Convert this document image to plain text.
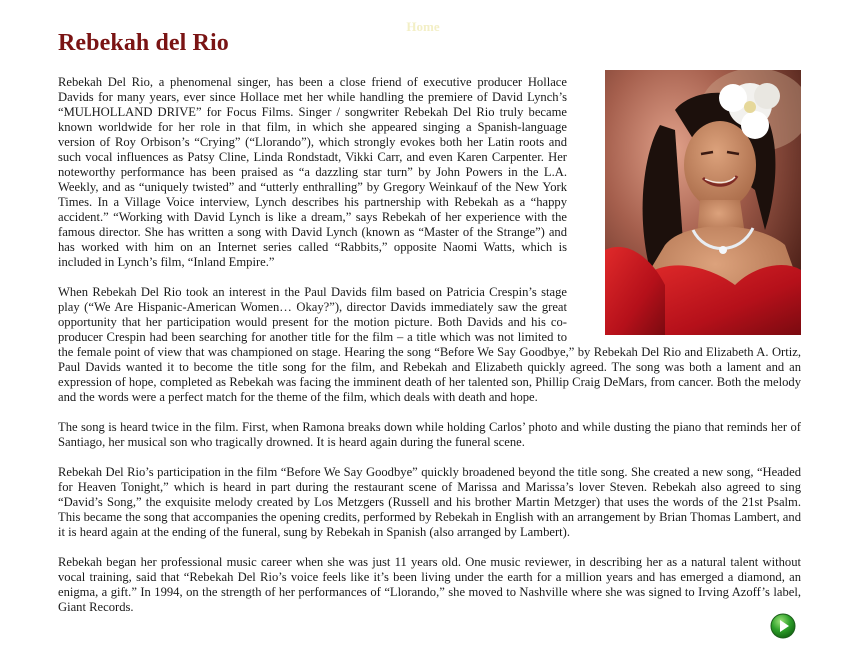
Home
Rebekah del Rio

Rebekah Del Rio, a phenomenal singer, has been a close friend of executive producer Hollace Davids for many years, ever since Hollace met her while handling the premiere of David Lynch’s “MULHOLLAND DRIVE” for Focus Films. Singer / songwriter Rebekah Del Rio truly became known worldwide for her role in that film, in which she appeared singing a Spanish-language version of Roy Orbison’s “Crying” (“Llorando”), which strongly evokes both her Latin roots and such vocal influences as Patsy Cline, Linda Rondstadt, Vikki Carr, and even Karen Carpenter. Her noteworthy performance has been praised as “a dazzling star turn” by John Powers in the L.A. Weekly, and as “uniquely twisted” and “utterly enthralling” by Gregory Weinkauf of the New York Times. In a Village Voice interview, Lynch describes his partnership with Rebekah as a “happy accident.” “Working with David Lynch is like a dream,” says Rebekah of her experience with the famous director. She has written a song with David Lynch (known as “Master of the Strange”) and has worked with him on an Internet series called “Rabbits,” opposite Naomi Watts, which is included in Lynch’s film, “Inland Empire.”

When Rebekah Del Rio took an interest in the Paul Davids film based on Patricia Crespin’s stage play (“We Are Hispanic-American Women… Okay?”), director Davids immediately saw the great opportunity that her participation would present for the motion picture. Both Davids and his co-producer Crespin had been searching for another title for the film – a title which was not limited to the female point of view that was championed on stage. Hearing the song “Before We Say Goodbye,” by Rebekah Del Rio and Elizabeth A. Ortiz, Paul Davids wanted it to become the title song for the film, and Rebekah and Elizabeth quickly agreed. The song was both a lament and an expression of hope, completed as Rebekah was facing the imminent death of her talented son, Phillip Craig DeMars, from cancer. Both the melody and the words were a perfect match for the theme of the film, which deals with death and hope.

The song is heard twice in the film. First, when Ramona breaks down while holding Carlos’ photo and while dusting the piano that reminds her of Santiago, her musical son who tragically drowned. It is heard again during the funeral scene.

Rebekah Del Rio’s participation in the film “Before We Say Goodbye” quickly broadened beyond the title song. She created a new song, “Headed for Heaven Tonight,” which is heard in part during the restaurant scene of Marissa and Marissa’s lover Steven. Rebekah also agreed to sing “David’s Song,” the exquisite melody created by Los Metzgers (Russell and his brother Martin Metzger) that uses the words of the 21st Psalm. This became the song that accompanies the opening credits, performed by Rebekah in English with an arrangement by Brian Thomas Lambert, and it is heard again at the ending of the funeral, sung by Rebekah in Spanish (also arranged by Lambert).

Rebekah began her professional music career when she was just 11 years old. One music reviewer, in describing her as a natural talent without vocal training, said that “Rebekah Del Rio’s voice feels like it’s been living under the earth for a million years and has emerged a diamond, an enigma, a gift.” In 1994, on the strength of her performances of “Llorando,” she moved to Nashville where she was signed to Irving Azoff’s label, Giant Records.
